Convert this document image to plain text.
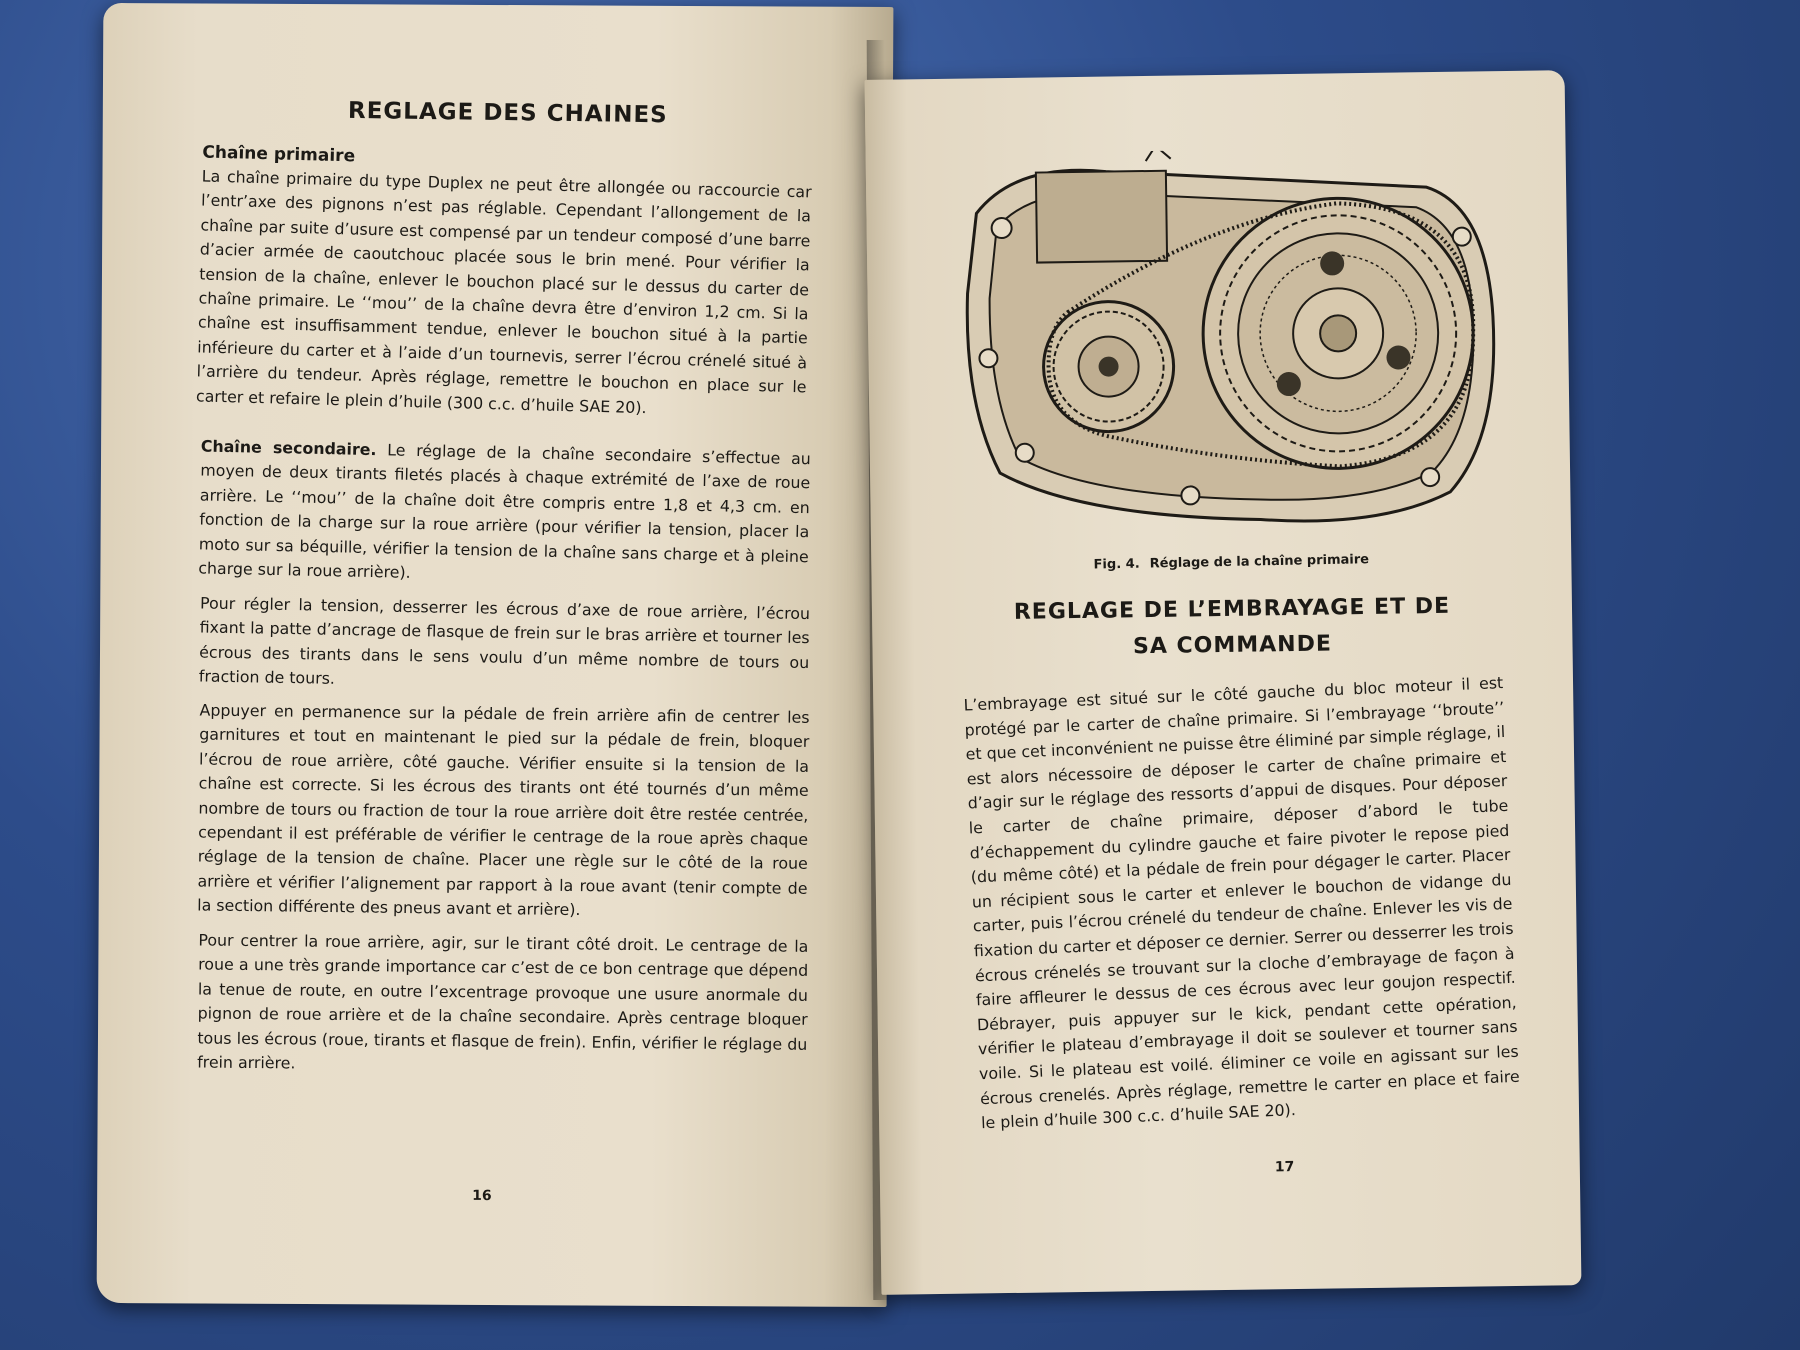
REGLAGE DES CHAINES
Chaîne primaire

La chaîne primaire du type Duplex ne peut être allongée ou raccourcie car l’entr’axe des pignons n’est pas réglable. Cependant l’allongement de la chaîne par suite d’usure est compensé par un tendeur composé d’une barre d’acier armée de caoutchouc placée sous le brin mené. Pour vérifier la tension de la chaîne, enlever le bouchon placé sur le dessus du carter de chaîne primaire. Le ‘‘mou’’ de la chaîne devra être d’environ 1,2 cm. Si la chaîne est insuffisamment tendue, enlever le bouchon situé à la partie inférieure du carter et à l’aide d’un tournevis, serrer l’écrou crénelé situé à l’arrière du tendeur. Après réglage, remettre le bouchon en place sur le carter et refaire le plein d’huile (300 c.c. d’huile SAE 20).

Chaîne secondaire. Le réglage de la chaîne secondaire s’effectue au moyen de deux tirants filetés placés à chaque extrémité de l’axe de roue arrière. Le ‘‘mou’’ de la chaîne doit être compris entre 1,8 et 4,3 cm. en fonction de la charge sur la roue arrière (pour vérifier la tension, placer la moto sur sa béquille, vérifier la tension de la chaîne sans charge et à pleine charge sur la roue arrière).

Pour régler la tension, desserrer les écrous d’axe de roue arrière, l’écrou fixant la patte d’ancrage de flasque de frein sur le bras arrière et tourner les écrous des tirants dans le sens voulu d’un même nombre de tours ou fraction de tours.

Appuyer en permanence sur la pédale de frein arrière afin de centrer les garnitures et tout en maintenant le pied sur la pédale de frein, bloquer l’écrou de roue arrière, côté gauche. Vérifier ensuite si la tension de la chaîne est correcte. Si les écrous des tirants ont été tournés d’un même nombre de tours ou fraction de tour la roue arrière doit être restée centrée, cependant il est préférable de vérifier le centrage de la roue après chaque réglage de la tension de chaîne. Placer une règle sur le côté de la roue arrière et vérifier l’alignement par rapport à la roue avant (tenir compte de la section différente des pneus avant et arrière).

Pour centrer la roue arrière, agir, sur le tirant côté droit. Le centrage de la roue a une très grande importance car c’est de ce bon centrage que dépend la tenue de route, en outre l’excentrage provoque une usure anormale du pignon de roue arrière et de la chaîne secondaire. Après centrage bloquer tous les écrous (roue, tirants et flasque de frein). Enfin, vérifier le réglage du frein arrière.

16
Fig. 4. Réglage de la chaîne primaire
REGLAGE DE L’EMBRAYAGE ET DE
SA COMMANDE

L’embrayage est situé sur le côté gauche du bloc moteur il est protégé par le carter de chaîne primaire. Si l’embrayage ‘‘broute’’ et que cet inconvénient ne puisse être éliminé par simple réglage, il est alors nécessoire de déposer le carter de chaîne primaire et d’agir sur le réglage des ressorts d’appui de disques. Pour déposer le carter de chaîne primaire, déposer d’abord le tube d’échappement du cylindre gauche et faire pivoter le repose pied (du même côté) et la pédale de frein pour dégager le carter. Placer un récipient sous le carter et enlever le bouchon de vidange du carter, puis l’écrou crénelé du tendeur de chaîne. Enlever les vis de fixation du carter et déposer ce dernier. Serrer ou desserrer les trois écrous crénelés se trouvant sur la cloche d’embrayage de façon à faire affleurer le dessus de ces écrous avec leur goujon respectif. Débrayer, puis appuyer sur le kick, pendant cette opération, vérifier le plateau d’embrayage il doit se soulever et tourner sans voile. Si le plateau est voilé. éliminer ce voile en agissant sur les écrous crenelés. Après réglage, remettre le carter en place et faire le plein d’huile 300 c.c. d’huile SAE 20).

17
